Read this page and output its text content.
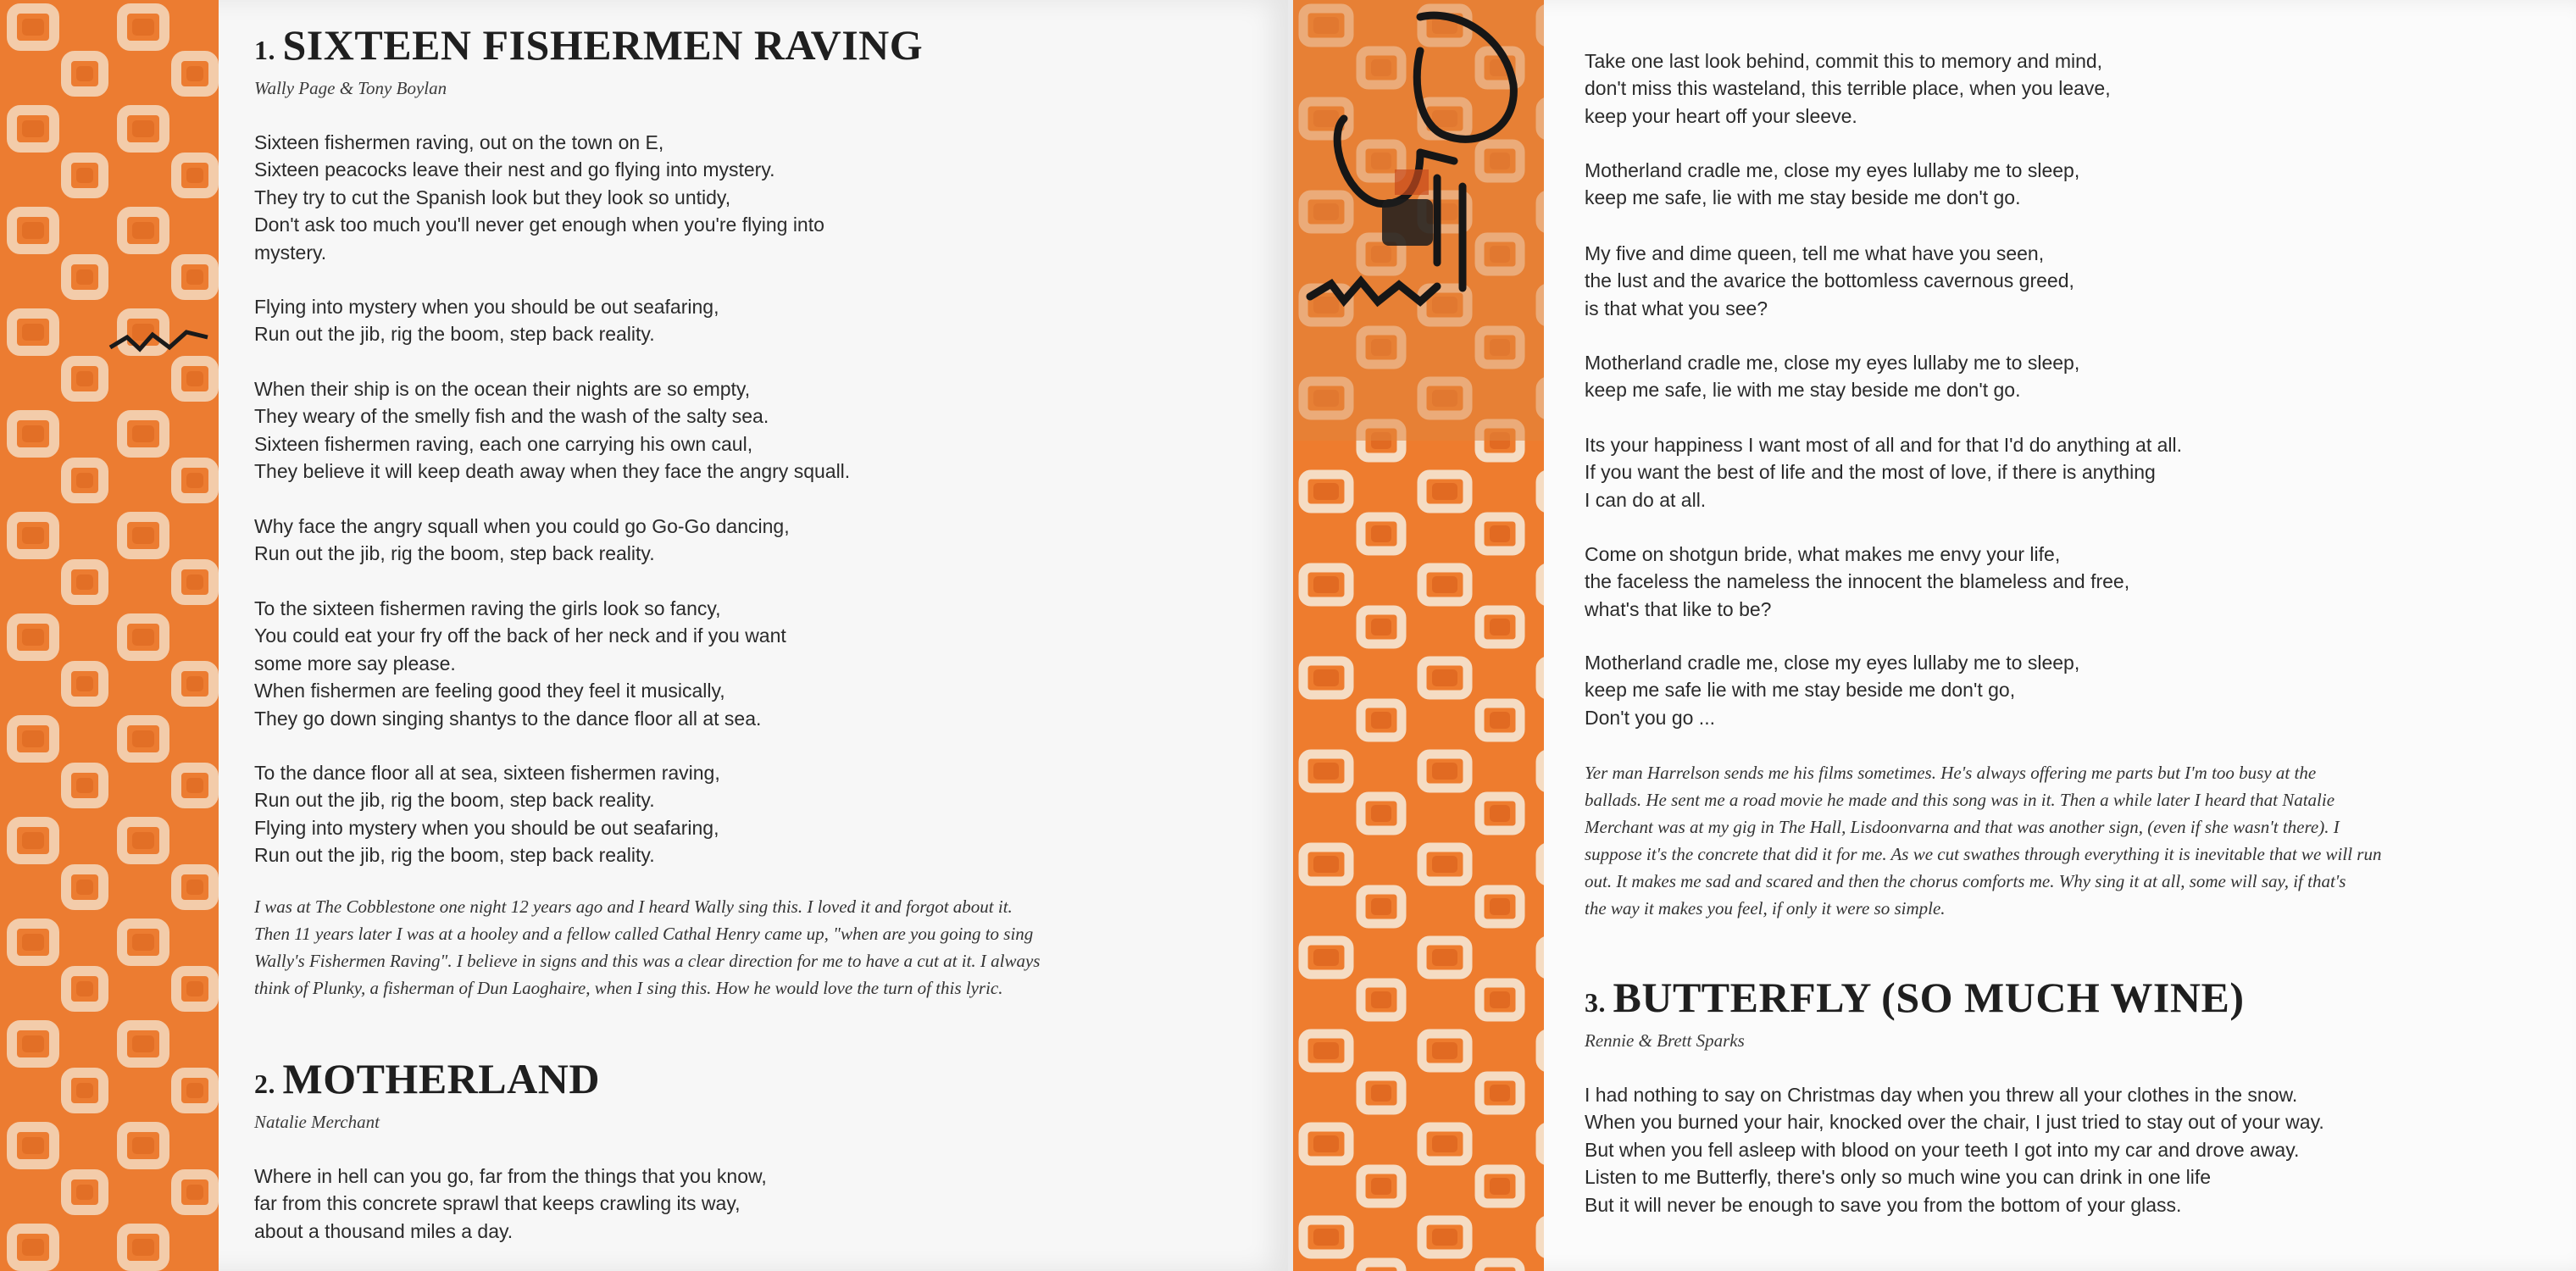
1. SIXTEEN FISHERMEN RAVING
Wally Page & Tony Boylan
Sixteen fishermen raving, out on the town on E,
Sixteen peacocks leave their nest and go flying into mystery.
They try to cut the Spanish look but they look so untidy,
Don't ask too much you'll never get enough when you're flying into
mystery.
Flying into mystery when you should be out seafaring,
Run out the jib, rig the boom, step back reality.
When their ship is on the ocean their nights are so empty,
They weary of the smelly fish and the wash of the salty sea.
Sixteen fishermen raving, each one carrying his own caul,
They believe it will keep death away when they face the angry squall.
Why face the angry squall when you could go Go-Go dancing,
Run out the jib, rig the boom, step back reality.
To the sixteen fishermen raving the girls look so fancy,
You could eat your fry off the back of her neck and if you want
some more say please.
When fishermen are feeling good they feel it musically,
They go down singing shantys to the dance floor all at sea.
To the dance floor all at sea, sixteen fishermen raving,
Run out the jib, rig the boom, step back reality.
Flying into mystery when you should be out seafaring,
Run out the jib, rig the boom, step back reality.
I was at The Cobblestone one night 12 years ago and I heard Wally sing this. I loved it and forgot about it.
Then 11 years later I was at a hooley and a fellow called Cathal Henry came up, "when are you going to sing
Wally's Fishermen Raving". I believe in signs and this was a clear direction for me to have a cut at it. I always
think of Plunky, a fisherman of Dun Laoghaire, when I sing this. How he would love the turn of this lyric.
2. MOTHERLAND
Natalie Merchant
Where in hell can you go, far from the things that you know,
far from this concrete sprawl that keeps crawling its way,
about a thousand miles a day.
Take one last look behind, commit this to memory and mind,
don't miss this wasteland, this terrible place, when you leave,
keep your heart off your sleeve.
Motherland cradle me, close my eyes lullaby me to sleep,
keep me safe, lie with me stay beside me don't go.
My five and dime queen, tell me what have you seen,
the lust and the avarice the bottomless cavernous greed,
is that what you see?
Motherland cradle me, close my eyes lullaby me to sleep,
keep me safe, lie with me stay beside me don't go.
Its your happiness I want most of all and for that I'd do anything at all.
If you want the best of life and the most of love, if there is anything
I can do at all.
Come on shotgun bride, what makes me envy your life,
the faceless the nameless the innocent the blameless and free,
what's that like to be?
Motherland cradle me, close my eyes lullaby me to sleep,
keep me safe lie with me stay beside me don't go,
Don't you go ...
Yer man Harrelson sends me his films sometimes. He's always offering me parts but I'm too busy at the
ballads. He sent me a road movie he made and this song was in it. Then a while later I heard that Natalie
Merchant was at my gig in The Hall, Lisdoonvarna and that was another sign, (even if she wasn't there). I
suppose it's the concrete that did it for me. As we cut swathes through everything it is inevitable that we will run
out. It makes me sad and scared and then the chorus comforts me. Why sing it at all, some will say, if that's
the way it makes you feel, if only it were so simple.
3. BUTTERFLY (SO MUCH WINE)
Rennie & Brett Sparks
I had nothing to say on Christmas day when you threw all your clothes in the snow.
When you burned your hair, knocked over the chair, I just tried to stay out of your way.
But when you fell asleep with blood on your teeth I got into my car and drove away.
Listen to me Butterfly, there's only so much wine you can drink in one life
But it will never be enough to save you from the bottom of your glass.
